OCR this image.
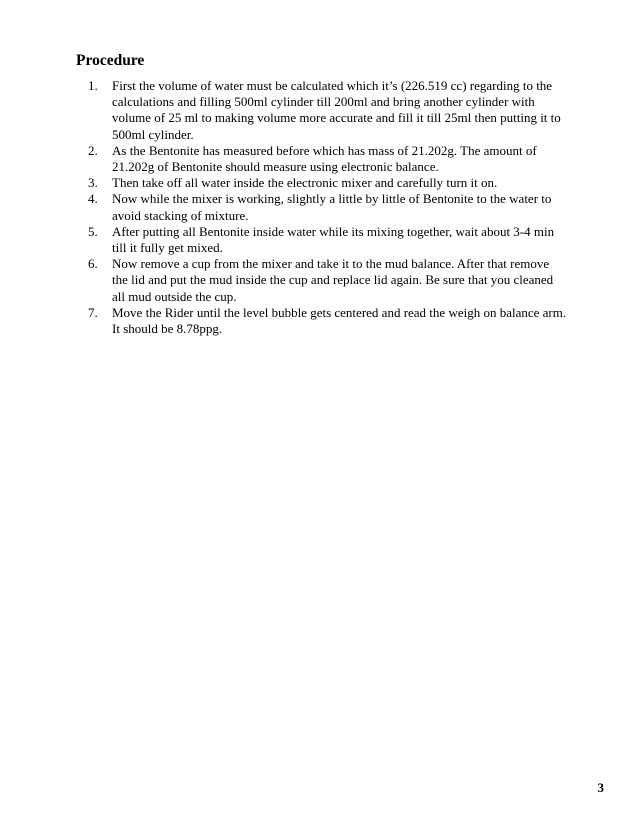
Procedure
1.	First the volume of water must be calculated which it’s (226.519 cc) regarding to the calculations and filling 500ml cylinder till 200ml and bring another cylinder with volume of 25 ml to making volume more accurate and fill it till 25ml then putting it to 500ml cylinder.
2.	As the Bentonite has measured before which has mass of 21.202g. The amount of 21.202g of Bentonite should measure using electronic balance.
3.	Then take off all water inside the electronic mixer and carefully turn it on.
4.	Now while the mixer is working, slightly a little by little of Bentonite to the water to avoid stacking of mixture.
5.	After putting all Bentonite inside water while its mixing together, wait about 3-4 min till it fully get mixed.
6.	Now remove a cup from the mixer and take it to the mud balance. After that remove the lid and put the mud inside the cup and replace lid again. Be sure that you cleaned all mud outside the cup.
7.	Move the Rider until the level bubble gets centered and read the weigh on balance arm. It should be 8.78ppg.
3
